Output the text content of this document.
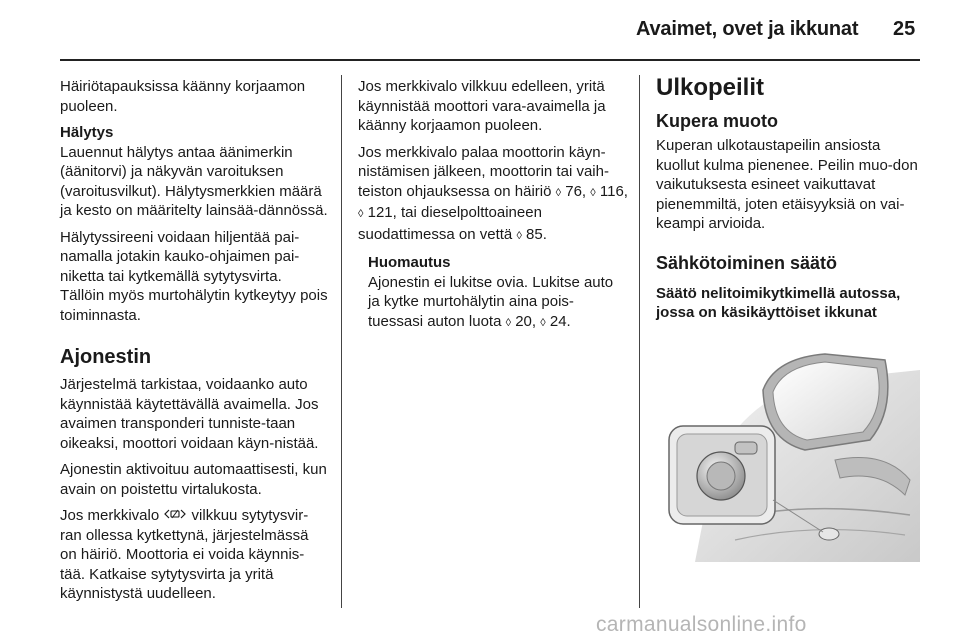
Avaimet, ovet ja ikkunat 25

Häiriötapauksissa käänny korjaamon puoleen.

Hälytys

Lauennut hälytys antaa äänimerkin (äänitorvi) ja näkyvän varoituksen (varoitusvilkut). Hälytysmerkkien määrä ja kesto on määritelty lainsää-dännössä.

Hälytyssireeni voidaan hiljentää pai-namalla jotakin kauko-ohjaimen pai-niketta tai kytkemällä sytytysvirta. Tällöin myös murtohälytin kytkeytyy pois toiminnasta.

Ajonestin

Järjestelmä tarkistaa, voidaanko auto käynnistää käytettävällä avaimella. Jos avaimen transponderi tunniste-taan oikeaksi, moottori voidaan käyn-nistää.

Ajonestin aktivoituu automaattisesti, kun avain on poistettu virtalukosta.

Jos merkkivalo vilkkuu sytytysvir-ran ollessa kytkettynä, järjestelmässä on häiriö. Moottoria ei voida käynnis-tää. Katkaise sytytysvirta ja yritä käynnistystä uudelleen.

Jos merkkivalo vilkkuu edelleen, yritä käynnistää moottori vara-avaimella ja käänny korjaamon puoleen.

Jos merkkivalo palaa moottorin käyn-nistämisen jälkeen, moottorin tai vaih-teiston ohjauksessa on häiriö ◊ 76, ◊ 116, ◊ 121, tai dieselpolttoaineen suodattimessa on vettä ◊ 85.

Huomautus
Ajonestin ei lukitse ovia. Lukitse auto ja kytke murtohälytin aina pois-tuessasi auton luota ◊ 20, ◊ 24.
Ulkopeilit
Kupera muoto

Kuperan ulkotaustapeilin ansiosta kuollut kulma pienenee. Peilin muo-don vaikutuksesta esineet vaikuttavat pienemmiltä, joten etäisyyksiä on vai-keampi arvioida.

Sähkötoiminen säätö
Säätö nelitoimikytkimellä autossa, jossa on käsikäyttöiset ikkunat
carmanualsonline.info
